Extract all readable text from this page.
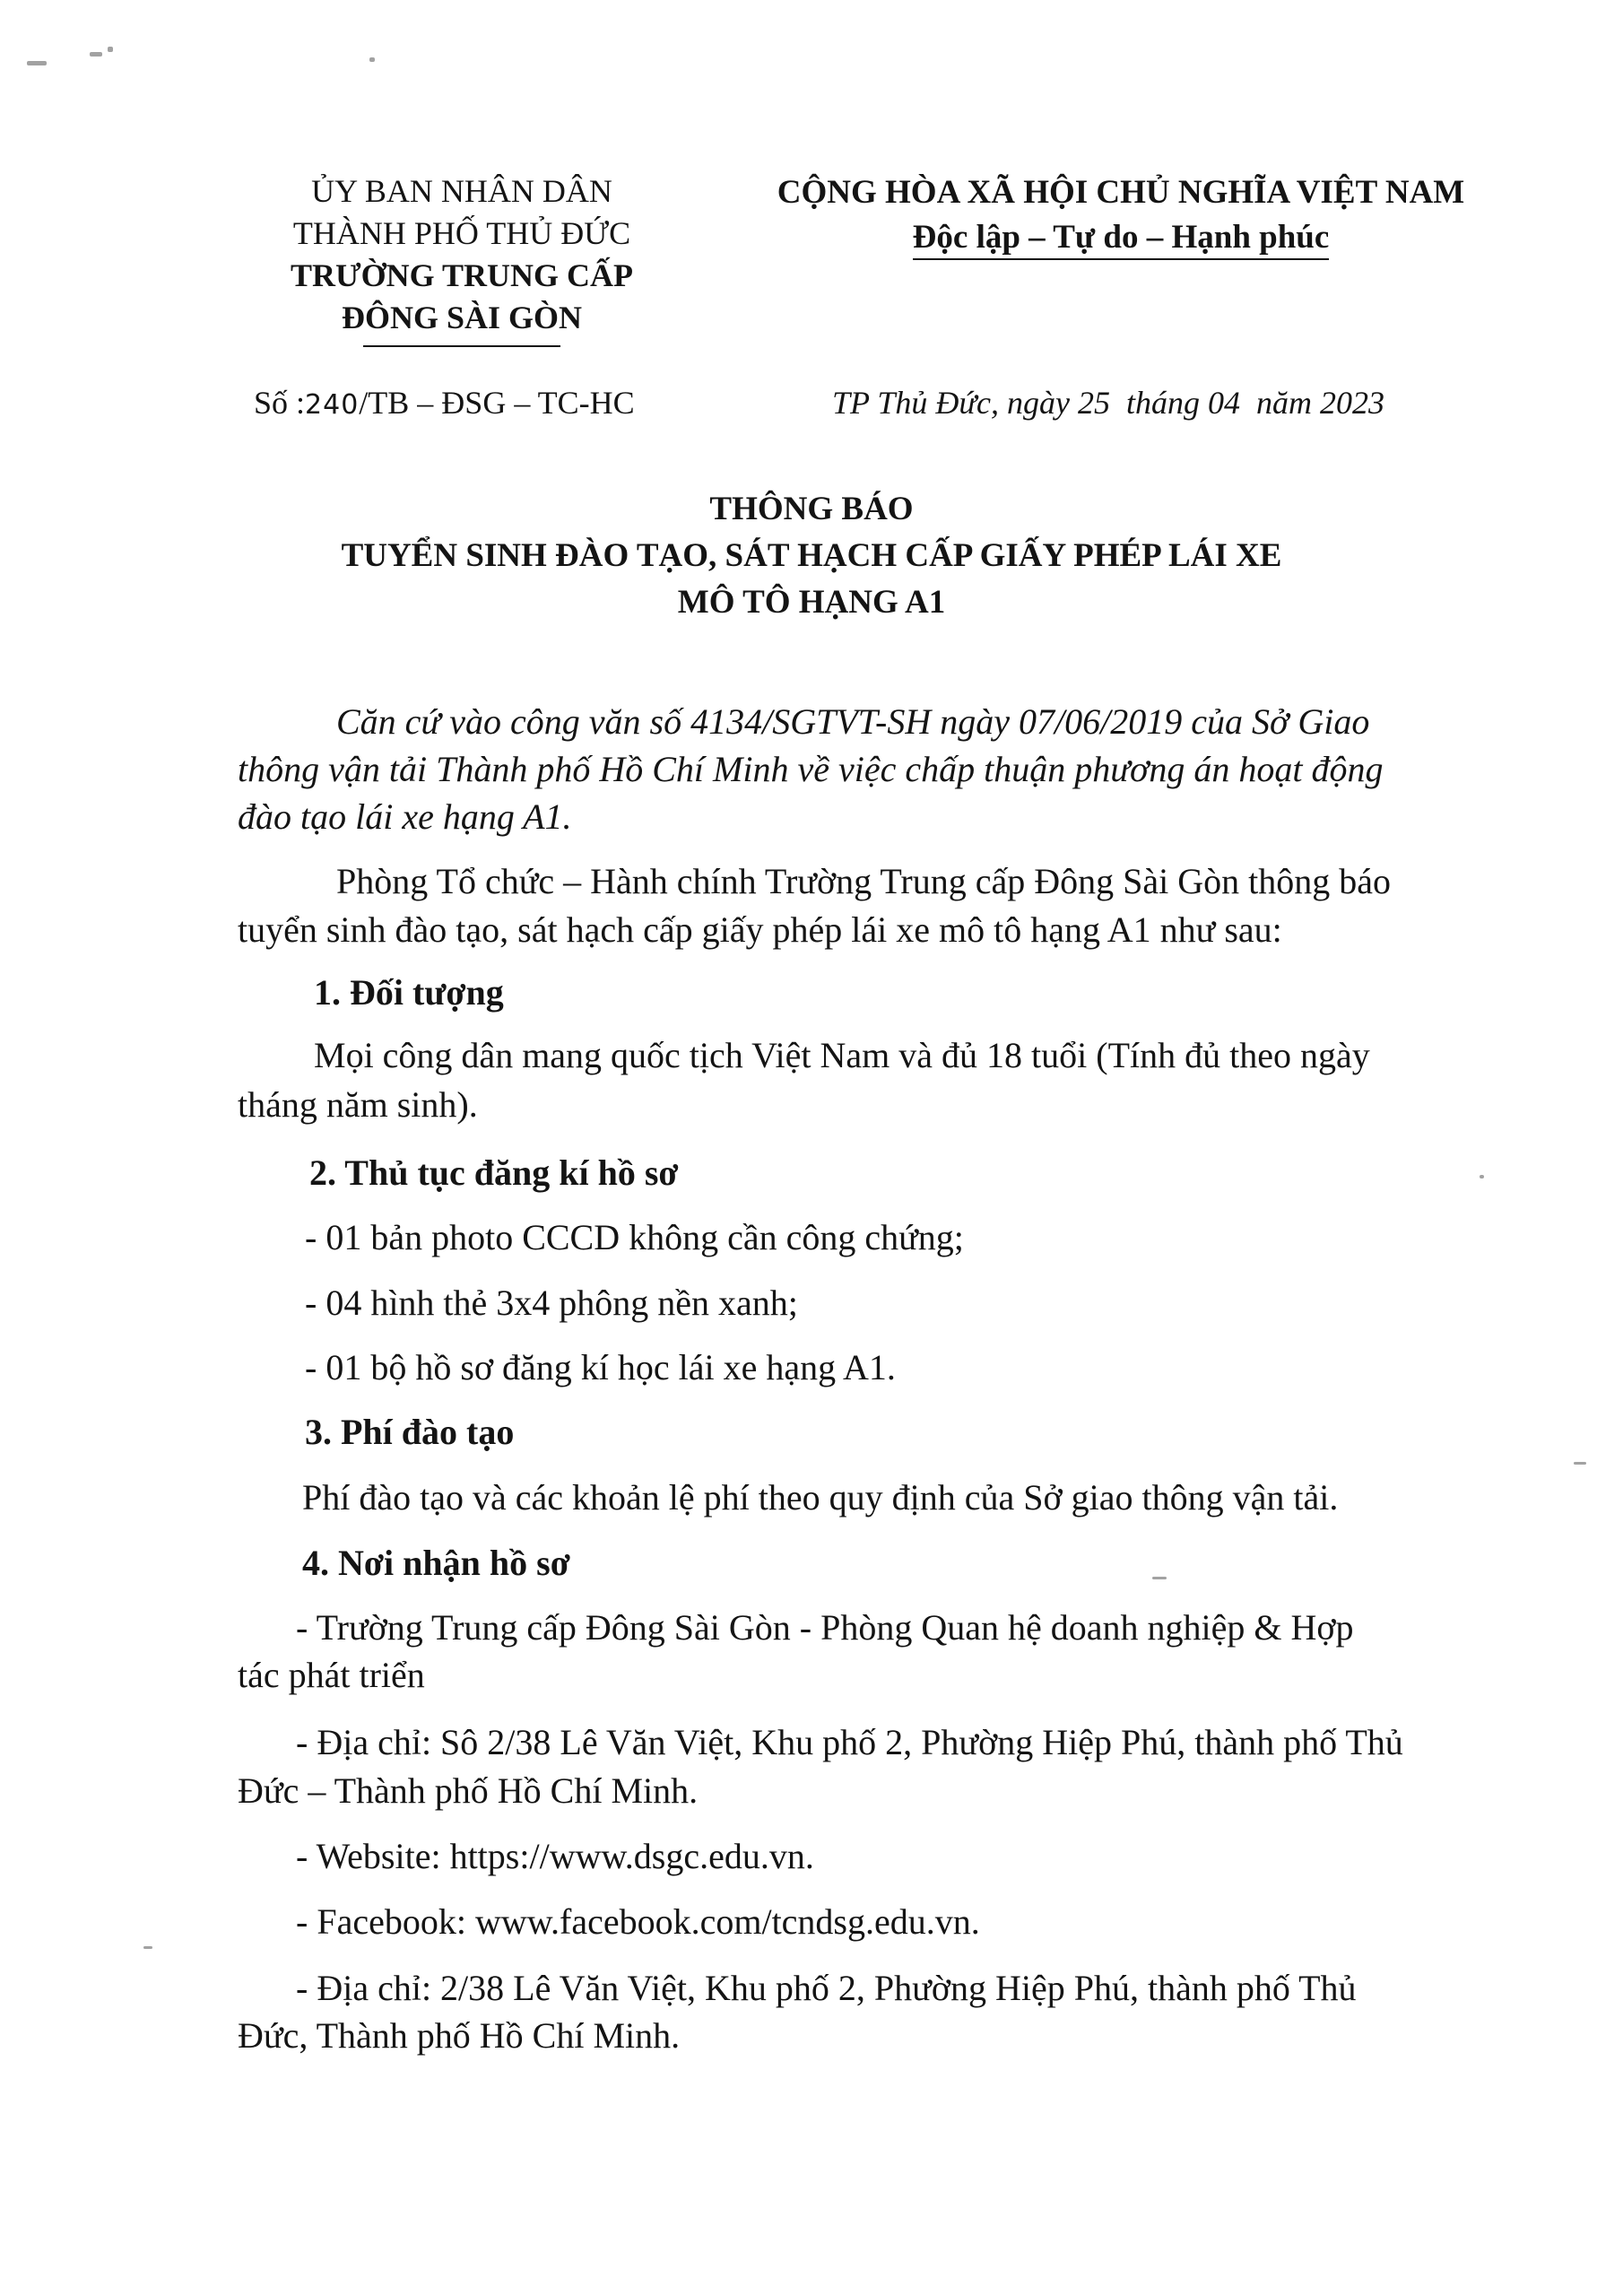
ỦY BAN NHÂN DÂN
THÀNH PHỐ THỦ ĐỨC
TRƯỜNG TRUNG CẤP
ĐÔNG SÀI GÒN
CỘNG HÒA XÃ HỘI CHỦ NGHĨA VIỆT NAM
Độc lập – Tự do – Hạnh phúc
Số :240/TB – ĐSG – TC-HC	TP Thủ Đức, ngày 25  tháng 04  năm 2023
THÔNG BÁO
TUYỂN SINH ĐÀO TẠO, SÁT HẠCH CẤP GIẤY PHÉP LÁI XE
MÔ TÔ HẠNG A1
Căn cứ vào công văn số 4134/SGTVT-SH ngày 07/06/2019 của Sở Giao
thông vận tải Thành phố Hồ Chí Minh về việc chấp thuận phương án hoạt động
đào tạo lái xe hạng A1.
Phòng Tổ chức – Hành chính Trường Trung cấp Đông Sài Gòn thông báo
tuyển sinh đào tạo, sát hạch cấp giấy phép lái xe mô tô hạng A1 như sau:
1. Đối tượng
Mọi công dân mang quốc tịch Việt Nam và đủ 18 tuổi (Tính đủ theo ngày
tháng năm sinh).
2. Thủ tục đăng kí hồ sơ
- 01 bản photo CCCD không cần công chứng;
- 04 hình thẻ 3x4 phông nền xanh;
- 01 bộ hồ sơ đăng kí học lái xe hạng A1.
3. Phí đào tạo
Phí đào tạo và các khoản lệ phí theo quy định của Sở giao thông vận tải.
4. Nơi nhận hồ sơ
- Trường Trung cấp Đông Sài Gòn - Phòng Quan hệ doanh nghiệp & Hợp
tác phát triển
- Địa chỉ: Sô 2/38 Lê Văn Việt, Khu phố 2, Phường Hiệp Phú, thành phố Thủ
Đức – Thành phố Hồ Chí Minh.
- Website: https://www.dsgc.edu.vn.
- Facebook: www.facebook.com/tcndsg.edu.vn.
- Địa chỉ: 2/38 Lê Văn Việt, Khu phố 2, Phường Hiệp Phú, thành phố Thủ
Đức, Thành phố Hồ Chí Minh.
